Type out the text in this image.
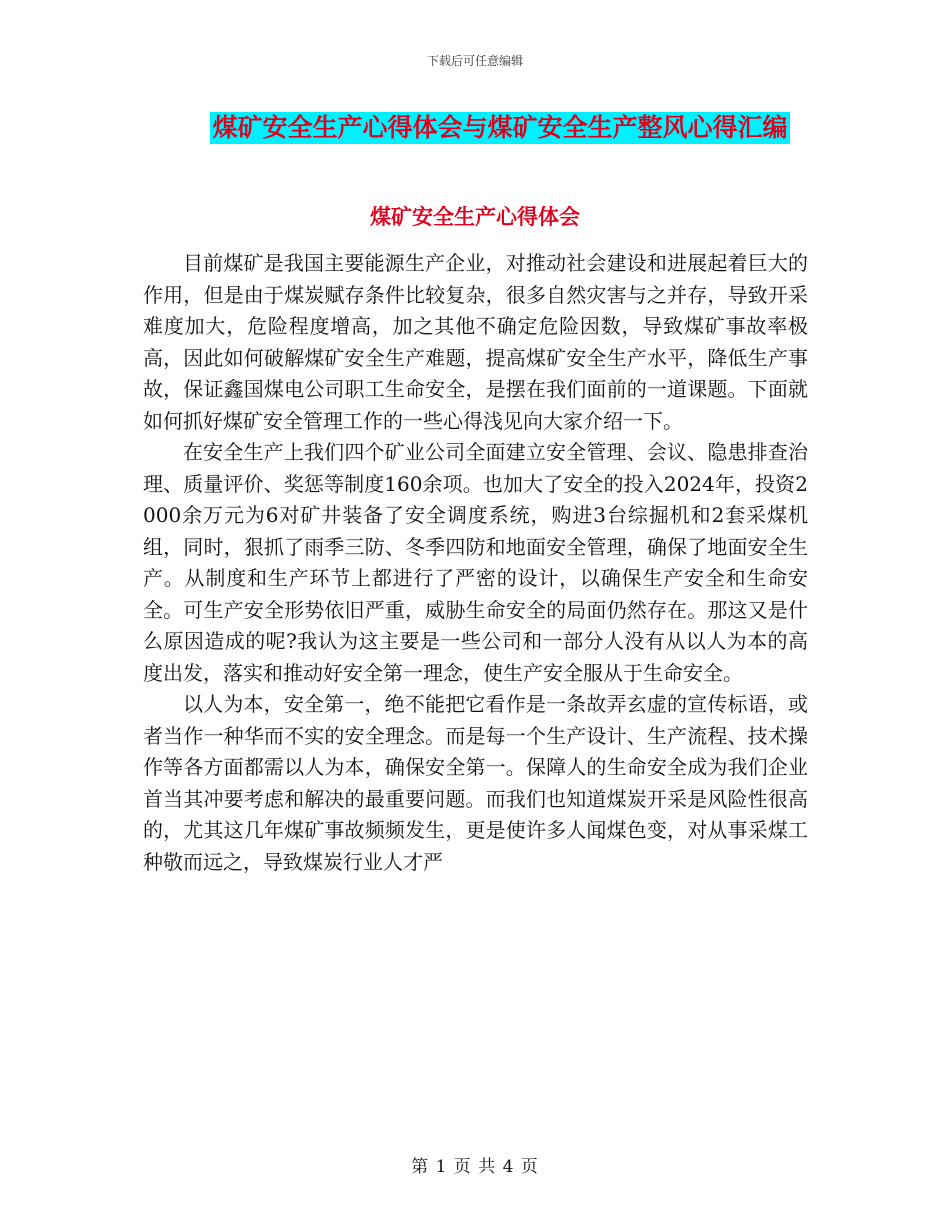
下载后可任意编辑
煤矿安全生产心得体会与煤矿安全生产整风心得汇编
煤矿安全生产心得体会

目前煤矿是我国主要能源生产企业，对推动社会建设和进展起着巨大的作用，但是由于煤炭赋存条件比较复杂，很多自然灾害与之并存，导致开采难度加大，危险程度增高，加之其他不确定危险因数，导致煤矿事故率极高，因此如何破解煤矿安全生产难题，提高煤矿安全生产水平，降低生产事故，保证鑫国煤电公司职工生命安全，是摆在我们面前的一道课题。下面就如何抓好煤矿安全管理工作的一些心得浅见向大家介绍一下。

在安全生产上我们四个矿业公司全面建立安全管理、会议、隐患排查治理、质量评价、奖惩等制度160余项。也加大了安全的投入2024年，投资2000余万元为6对矿井装备了安全调度系统，购进3台综掘机和2套采煤机组，同时，狠抓了雨季三防、冬季四防和地面安全管理，确保了地面安全生产。从制度和生产环节上都进行了严密的设计，以确保生产安全和生命安全。可生产安全形势依旧严重，威胁生命安全的局面仍然存在。那这又是什么原因造成的呢?我认为这主要是一些公司和一部分人没有从以人为本的高度出发，落实和推动好安全第一理念，使生产安全服从于生命安全。

以人为本，安全第一，绝不能把它看作是一条故弄玄虚的宣传标语，或者当作一种华而不实的安全理念。而是每一个生产设计、生产流程、技术操作等各方面都需以人为本，确保安全第一。保障人的生命安全成为我们企业首当其冲要考虑和解决的最重要问题。而我们也知道煤炭开采是风险性很高的，尤其这几年煤矿事故频频发生，更是使许多人闻煤色变，对从事采煤工种敬而远之，导致煤炭行业人才严

第 1 页 共 4 页
